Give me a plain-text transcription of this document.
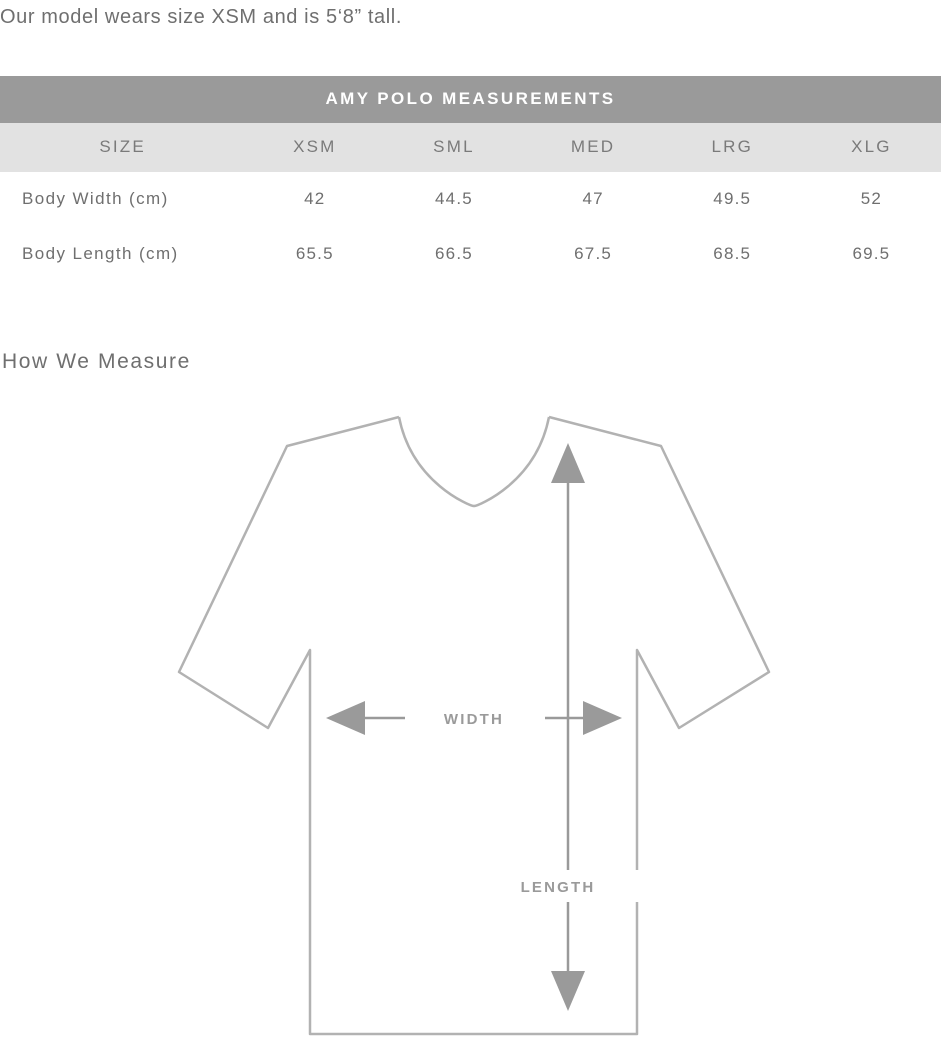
Our model wears size XSM and is 5‘8” tall.
AMY POLO MEASUREMENTS
SIZE	XSM	SML	MED	LRG	XLG
Body Width (cm)	42	44.5	47	49.5	52
Body Length (cm)	65.5	66.5	67.5	68.5	69.5
How We Measure
WIDTH
LENGTH
